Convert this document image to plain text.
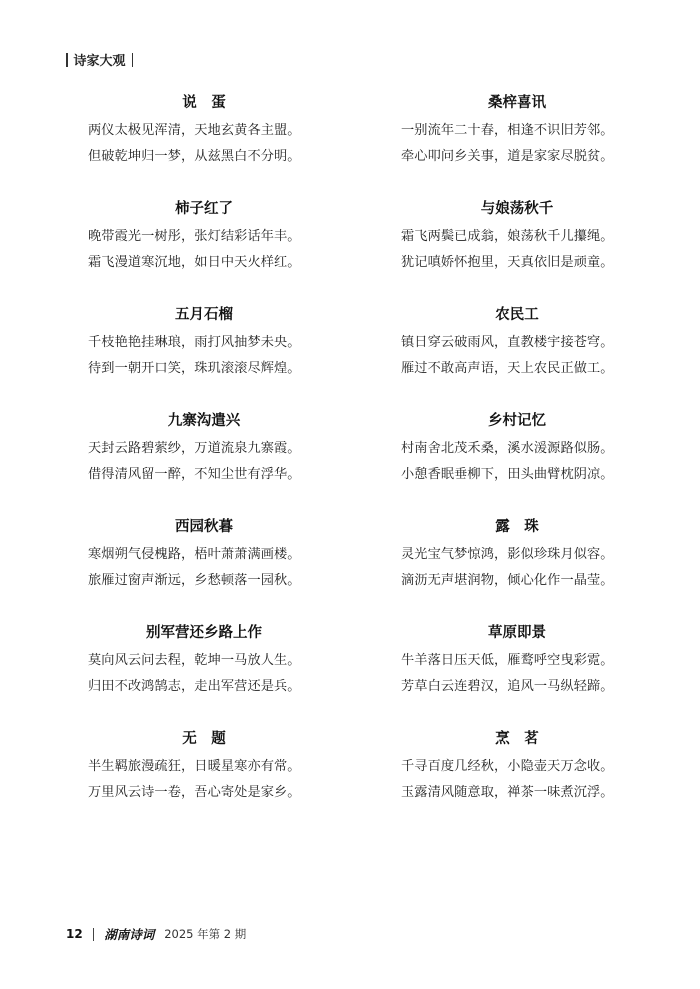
诗家大观
说　蛋
两仪太极见浑清，天地玄黄各主盟。
但破乾坤归一梦，从兹黑白不分明。
柿子红了
晚带霞光一树彤，张灯结彩话年丰。
霜飞漫道寒沉地，如日中天火样红。
五月石榴
千枝艳艳挂琳琅，雨打风抽梦未央。
待到一朝开口笑，珠玑滚滚尽辉煌。
九寨沟遣兴
天封云路碧萦纱，万道流泉九寨霞。
借得清风留一醉，不知尘世有浮华。
西园秋暮
寒烟朔气侵槐路，梧叶萧萧满画楼。
旅雁过窗声渐远，乡愁顿落一园秋。
别军营还乡路上作
莫向风云问去程，乾坤一马放人生。
归田不改鸿鹄志，走出军营还是兵。
无　题
半生羁旅漫疏狂，日暖星寒亦有常。
万里风云诗一卷，吾心寄处是家乡。
桑梓喜讯
一别流年二十春，相逢不识旧芳邻。
牵心叩问乡关事，道是家家尽脱贫。
与娘荡秋千
霜飞两鬓已成翁，娘荡秋千儿攥绳。
犹记嗔娇怀抱里，天真依旧是顽童。
农民工
镇日穿云破雨风，直教楼宇接苍穹。
雁过不敢高声语，天上农民正做工。
乡村记忆
村南舍北茂禾桑，溪水湲源路似肠。
小憩香眠垂柳下，田头曲臂枕阴凉。
露　珠
灵光宝气梦惊鸿，影似珍珠月似容。
滴沥无声堪润物，倾心化作一晶莹。
草原即景
牛羊落日压天低，雁鹜呼空曳彩霓。
芳草白云连碧汉，追风一马纵轻蹄。
烹　茗
千寻百度几经秋，小隐壶天万念收。
玉露清风随意取，禅茶一味煮沉浮。
12 湖南诗词 2025 年第 2 期
